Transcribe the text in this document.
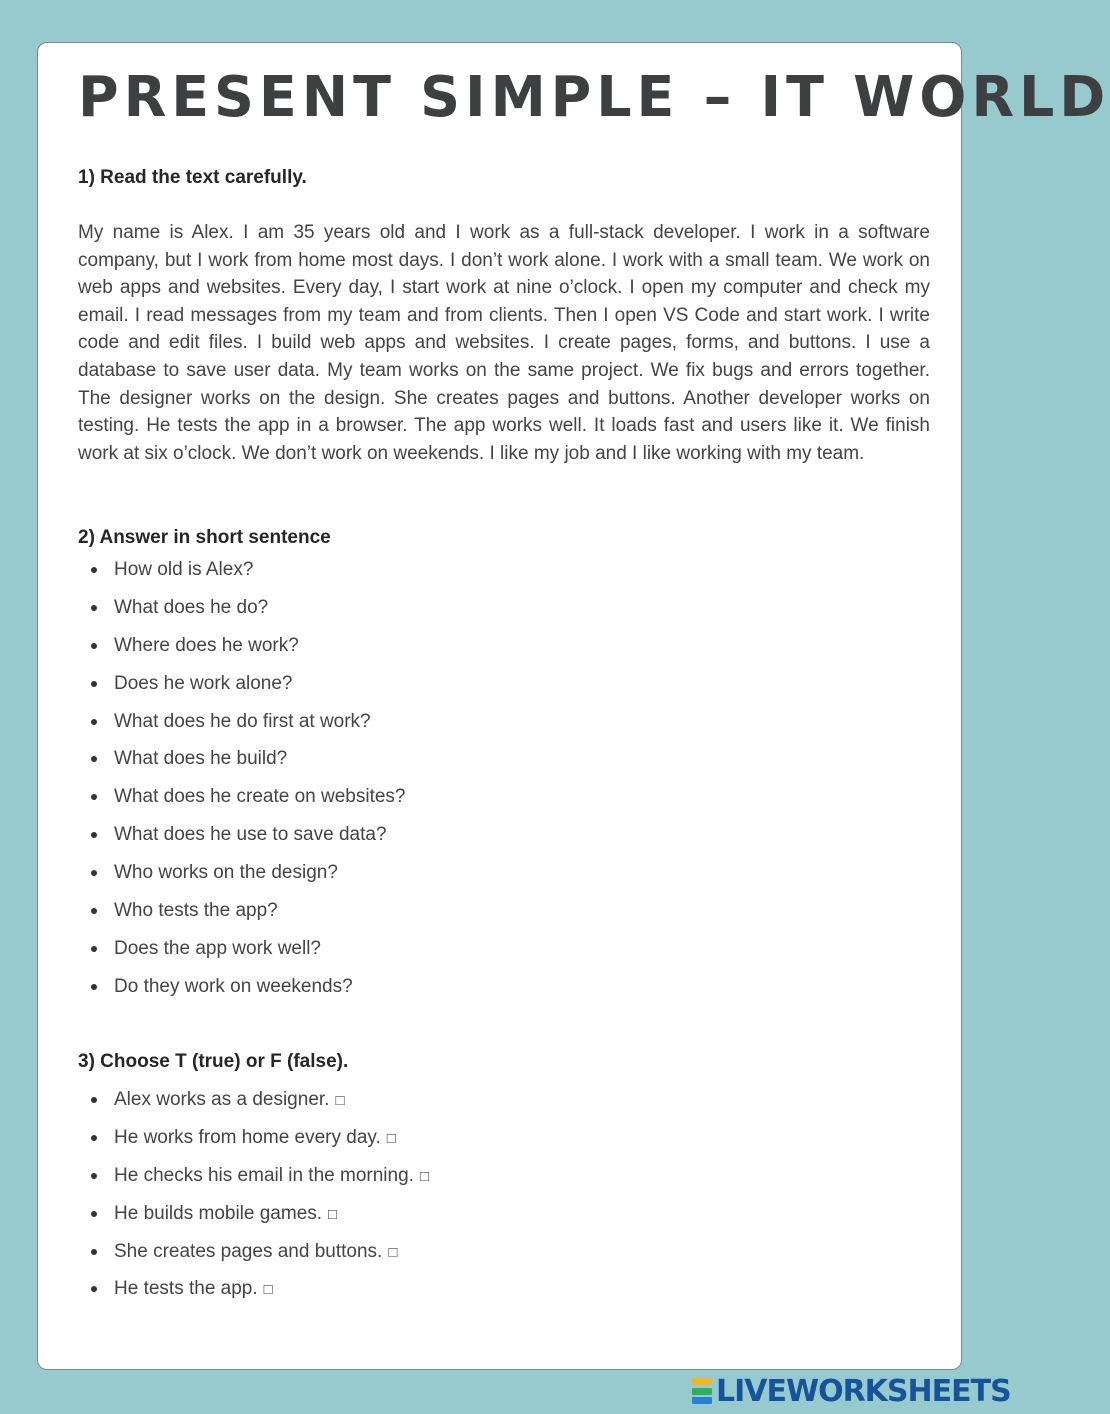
PRESENT SIMPLE – IT WORLD
1) Read the text carefully.

My name is Alex. I am 35 years old and I work as a full-stack developer. I work in a software company, but I work from home most days. I don’t work alone. I work with a small team. We work on web apps and websites. Every day, I start work at nine o’clock. I open my computer and check my email. I read messages from my team and from clients. Then I open VS Code and start work. I write code and edit files. I build web apps and websites. I create pages, forms, and buttons. I use a database to save user data. My team works on the same project. We fix bugs and errors together. The designer works on the design. She creates pages and buttons. Another developer works on testing. He tests the app in a browser. The app works well. It loads fast and users like it. We finish work at six o’clock. We don’t work on weekends. I like my job and I like working with my team.

2) Answer in short sentence
How old is Alex?
What does he do?
Where does he work?
Does he work alone?
What does he do first at work?
What does he build?
What does he create on websites?
What does he use to save data?
Who works on the design?
Who tests the app?
Does the app work well?
Do they work on weekends?
3) Choose T (true) or F (false).
Alex works as a designer. □
He works from home every day. □
He checks his email in the morning. □
He builds mobile games. □
She creates pages and buttons. □
He tests the app. □
LIVEWORKSHEETS
